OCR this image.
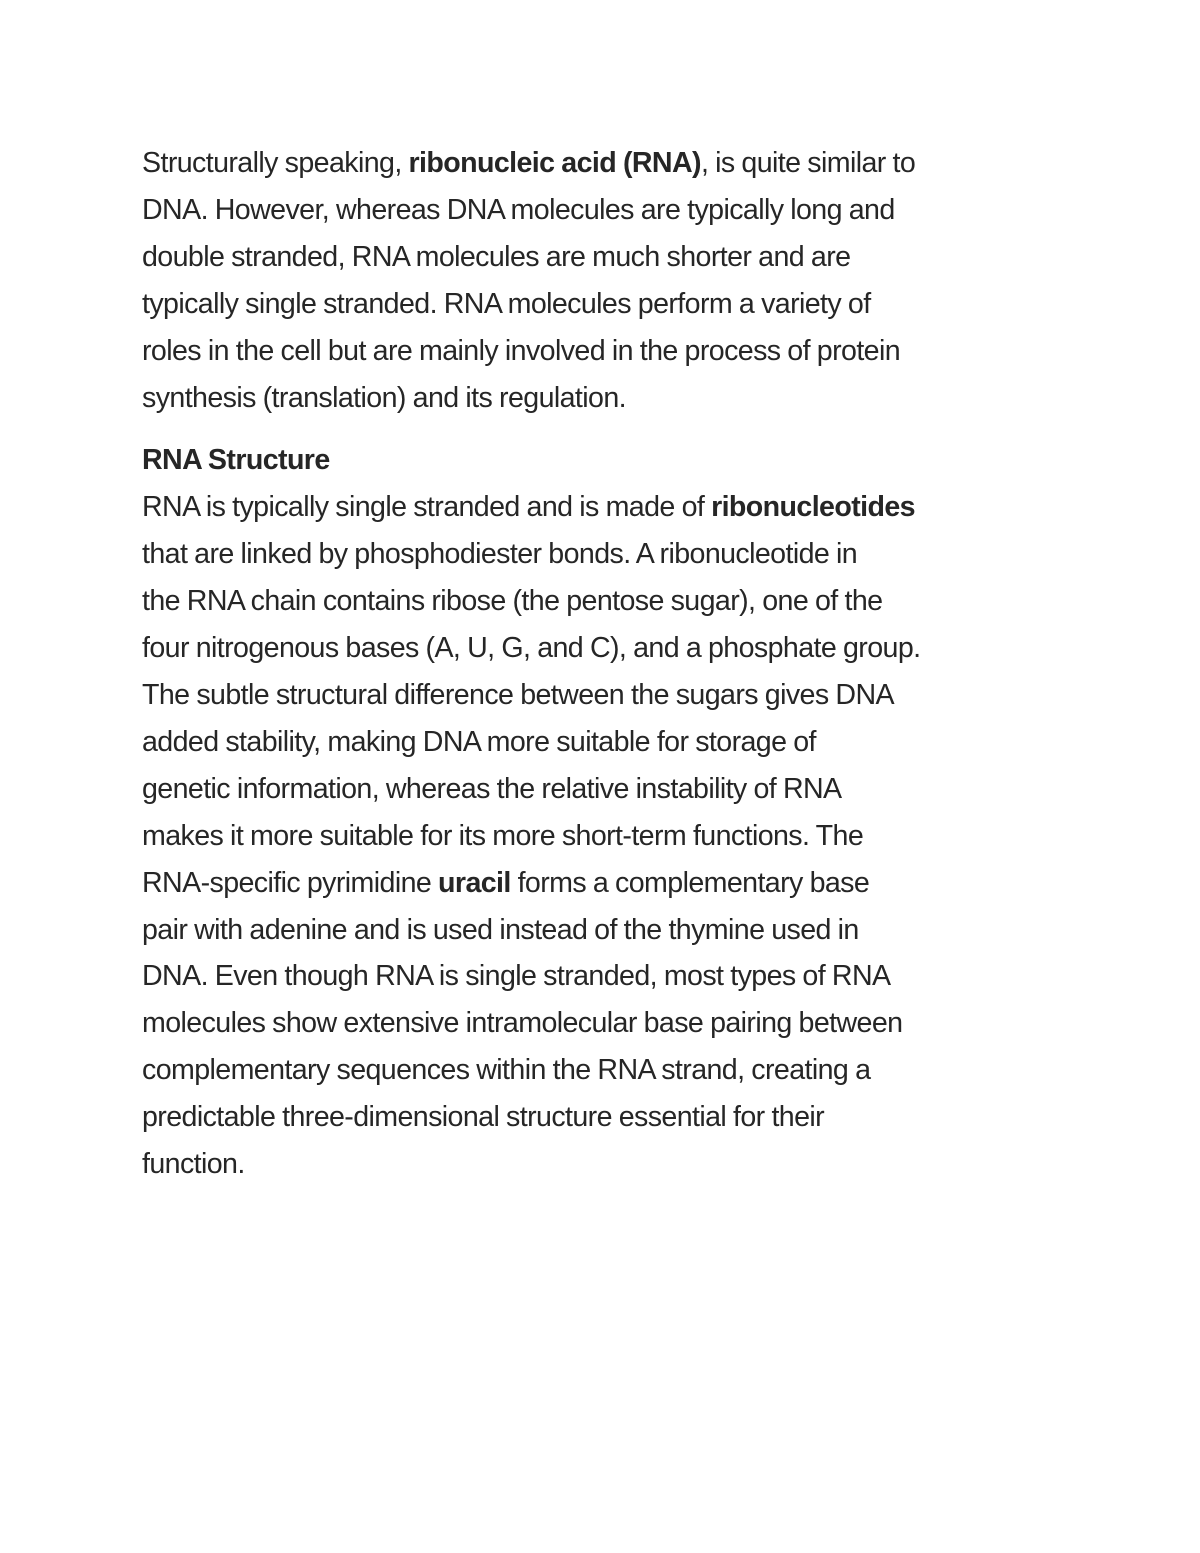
Structurally speaking, ribonucleic acid (RNA), is quite similar to
DNA. However, whereas DNA molecules are typically long and
double stranded, RNA molecules are much shorter and are
typically single stranded. RNA molecules perform a variety of
roles in the cell but are mainly involved in the process of protein
synthesis (translation) and its regulation.
RNA Structure
RNA is typically single stranded and is made of ribonucleotides
that are linked by phosphodiester bonds. A ribonucleotide in
the RNA chain contains ribose (the pentose sugar), one of the
four nitrogenous bases (A, U, G, and C), and a phosphate group.
The subtle structural difference between the sugars gives DNA
added stability, making DNA more suitable for storage of
genetic information, whereas the relative instability of RNA
makes it more suitable for its more short-term functions. The
RNA-specific pyrimidine uracil forms a complementary base
pair with adenine and is used instead of the thymine used in
DNA. Even though RNA is single stranded, most types of RNA
molecules show extensive intramolecular base pairing between
complementary sequences within the RNA strand, creating a
predictable three-dimensional structure essential for their
function.
